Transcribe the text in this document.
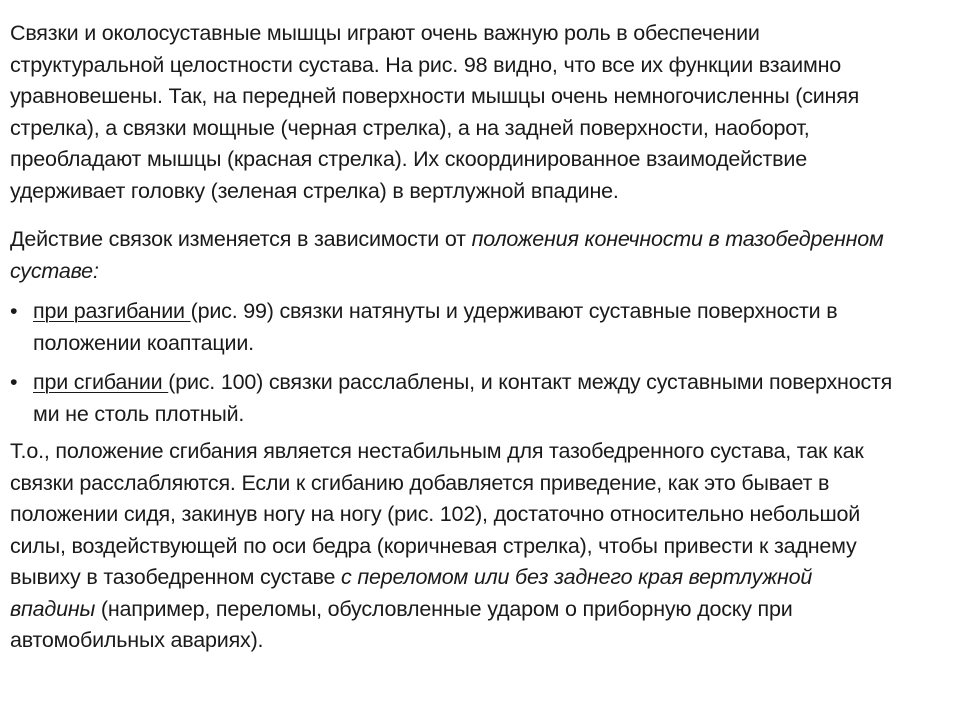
Связки и околосуставные мышцы играют очень важную роль в обеспечении
структуральной целостности сустава. На рис. 98 видно, что все их функции взаимно
уравновешены. Так, на передней поверхности мышцы очень немногочисленны (синяя
стрелка), а связки мощные (черная стрелка), а на задней поверхности, наоборот,
преобладают мышцы (красная стрелка). Их скоординированное взаимодействие
удерживает головку (зеленая стрелка) в вертлужной впадине.
Действие связок изменяется в зависимости от положения конечности в тазобедренном
суставе:
• при разгибании (рис. 99) связки натянуты и удерживают суставные поверхности в
положении коаптации.
• при сгибании (рис. 100) связки расслаблены, и контакт между суставными поверхностя
ми не столь плотный.
Т.о., положение сгибания является нестабильным для тазобедренного сустава, так как
связки расслабляются. Если к сгибанию добавляется приведение, как это бывает в
положении сидя, закинув ногу на ногу (рис. 102), достаточно относительно небольшой
силы, воздействующей по оси бедра (коричневая стрелка), чтобы привести к заднему
вывиху в тазобедренном суставе с переломом или без заднего края вертлужной
впадины (например, переломы, обусловленные ударом о приборную доску при
автомобильных авариях).
